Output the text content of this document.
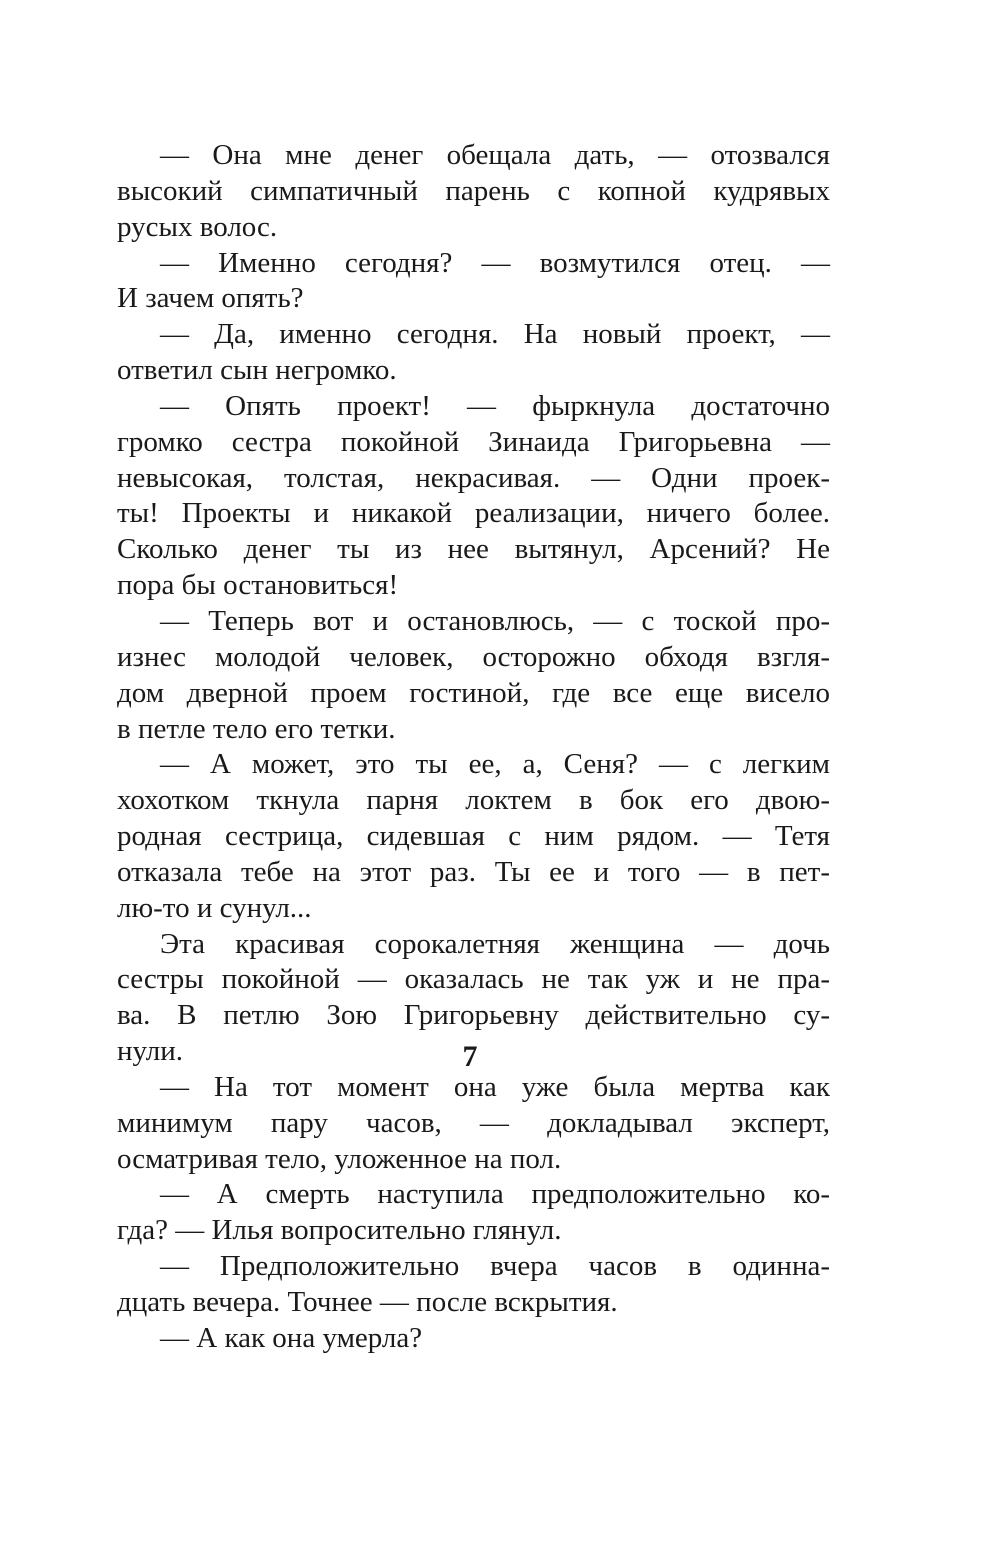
— Она мне денег обещала дать, — отозвался
высокий симпатичный парень с копной кудрявых
русых волос.
— Именно сегодня? — возмутился отец. —
И зачем опять?
— Да, именно сегодня. На новый проект, —
ответил сын негромко.
— Опять проект! — фыркнула достаточно
громко сестра покойной Зинаида Григорьевна —
невысокая, толстая, некрасивая. — Одни проек-
ты! Проекты и никакой реализации, ничего более.
Сколько денег ты из нее вытянул, Арсений? Не
пора бы остановиться!
— Теперь вот и остановлюсь, — с тоской про-
изнес молодой человек, осторожно обходя взгля-
дом дверной проем гостиной, где все еще висело
в петле тело его тетки.
— А может, это ты ее, а, Сеня? — с легким
хохотком ткнула парня локтем в бок его двою-
родная сестрица, сидевшая с ним рядом. — Тетя
отказала тебе на этот раз. Ты ее и того — в пет-
лю-то и сунул...
Эта красивая сорокалетняя женщина — дочь
сестры покойной — оказалась не так уж и не пра-
ва. В петлю Зою Григорьевну действительно су-
нули.
— На тот момент она уже была мертва как
минимум пару часов, — докладывал эксперт,
осматривая тело, уложенное на пол.
— А смерть наступила предположительно ко-
гда? — Илья вопросительно глянул.
— Предположительно вчера часов в одинна-
дцать вечера. Точнее — после вскрытия.
— А как она умерла?
7
